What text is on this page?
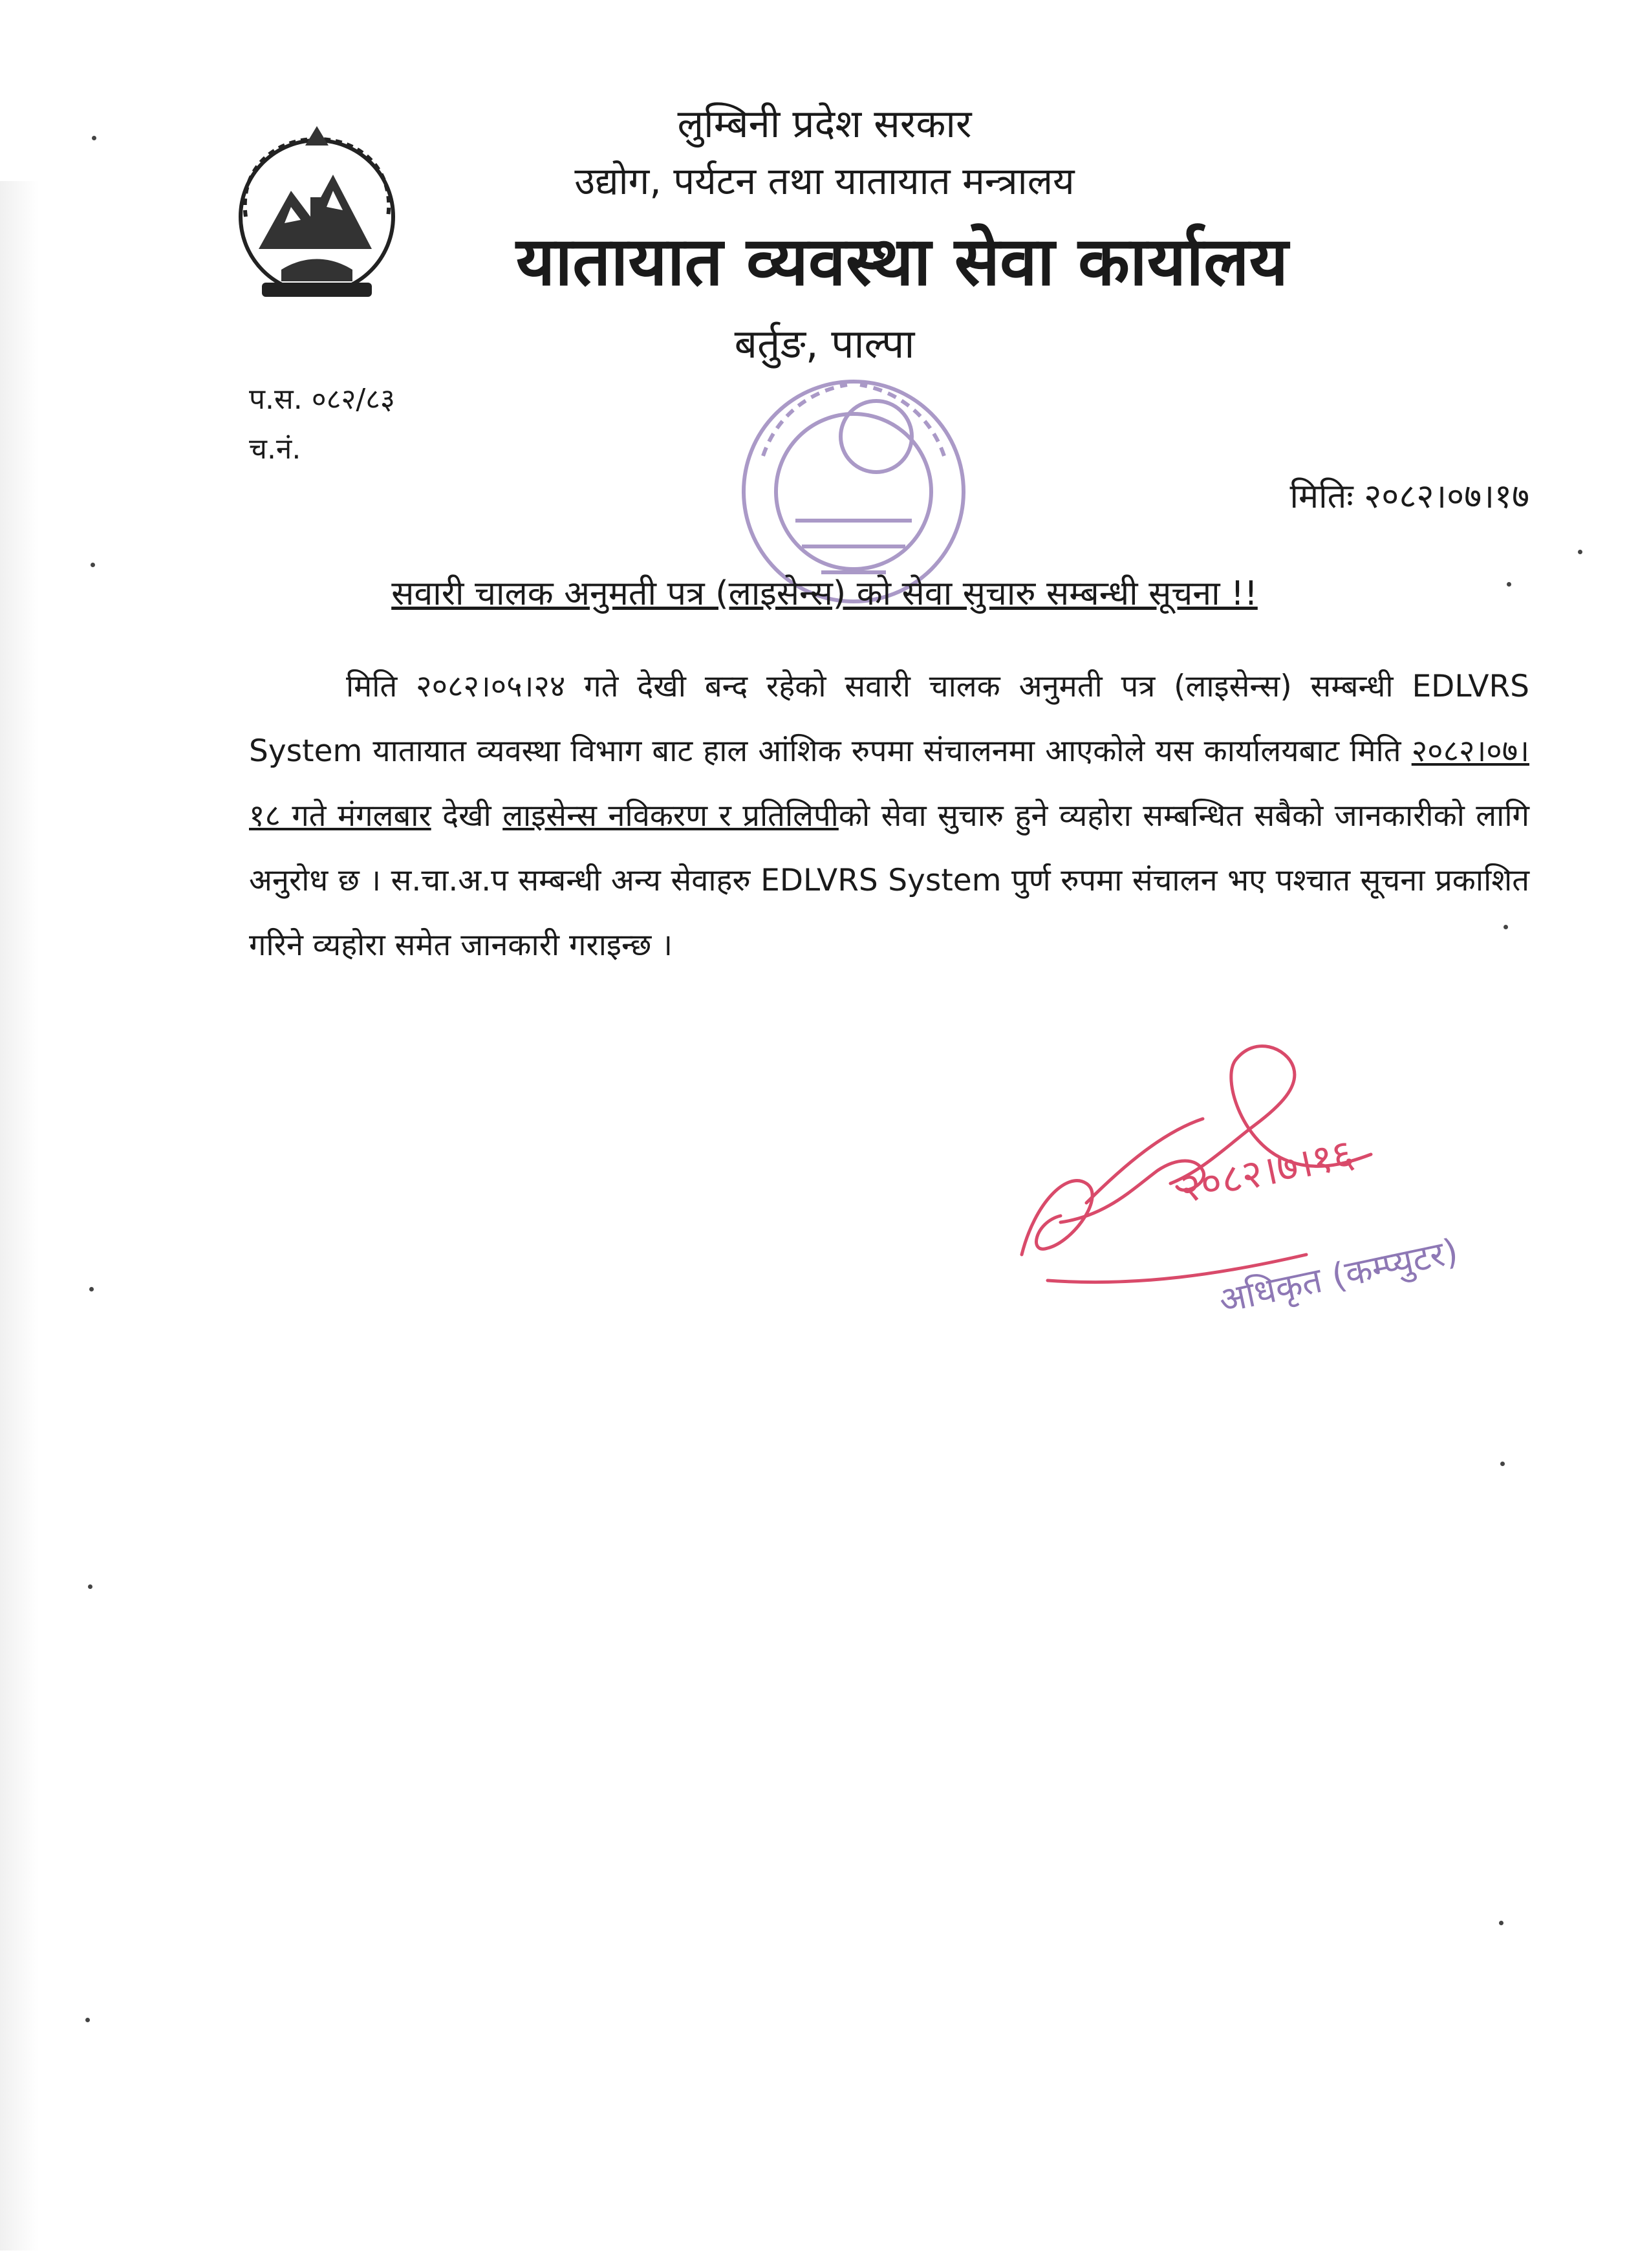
लुम्बिनी प्रदेश सरकार
उद्योग, पर्यटन तथा यातायात मन्त्रालय
यातायात व्यवस्था सेवा कार्यालय
बर्तुङ, पाल्पा
प.स. ०८२/८३
च.नं.
मितिः २०८२।०७।१७
सवारी चालक अनुमती पत्र (लाइसेन्स) को सेवा सुचारु सम्बन्धी सूचना !!
मिति २०८२।०५।२४ गते देखी बन्द रहेको सवारी चालक अनुमती पत्र (लाइसेन्स) सम्बन्धी EDLVRS System यातायात व्यवस्था विभाग बाट हाल आंशिक रुपमा संचालनमा आएकोले यस कार्यालयबाट मिति २०८२।०७।१८ गते मंगलबार देखी लाइसेन्स नविकरण र प्रतिलिपीको सेवा सुचारु हुने व्यहोरा सम्बन्धित सबैको जानकारीको लागि अनुरोध छ । स.चा.अ.प सम्बन्धी अन्य सेवाहरु EDLVRS System पुर्ण रुपमा संचालन भए पश्चात सूचना प्रकाशित गरिने व्यहोरा समेत जानकारी गराइन्छ ।
२०८२।७।१६
अधिकृत (कम्प्युटर)
